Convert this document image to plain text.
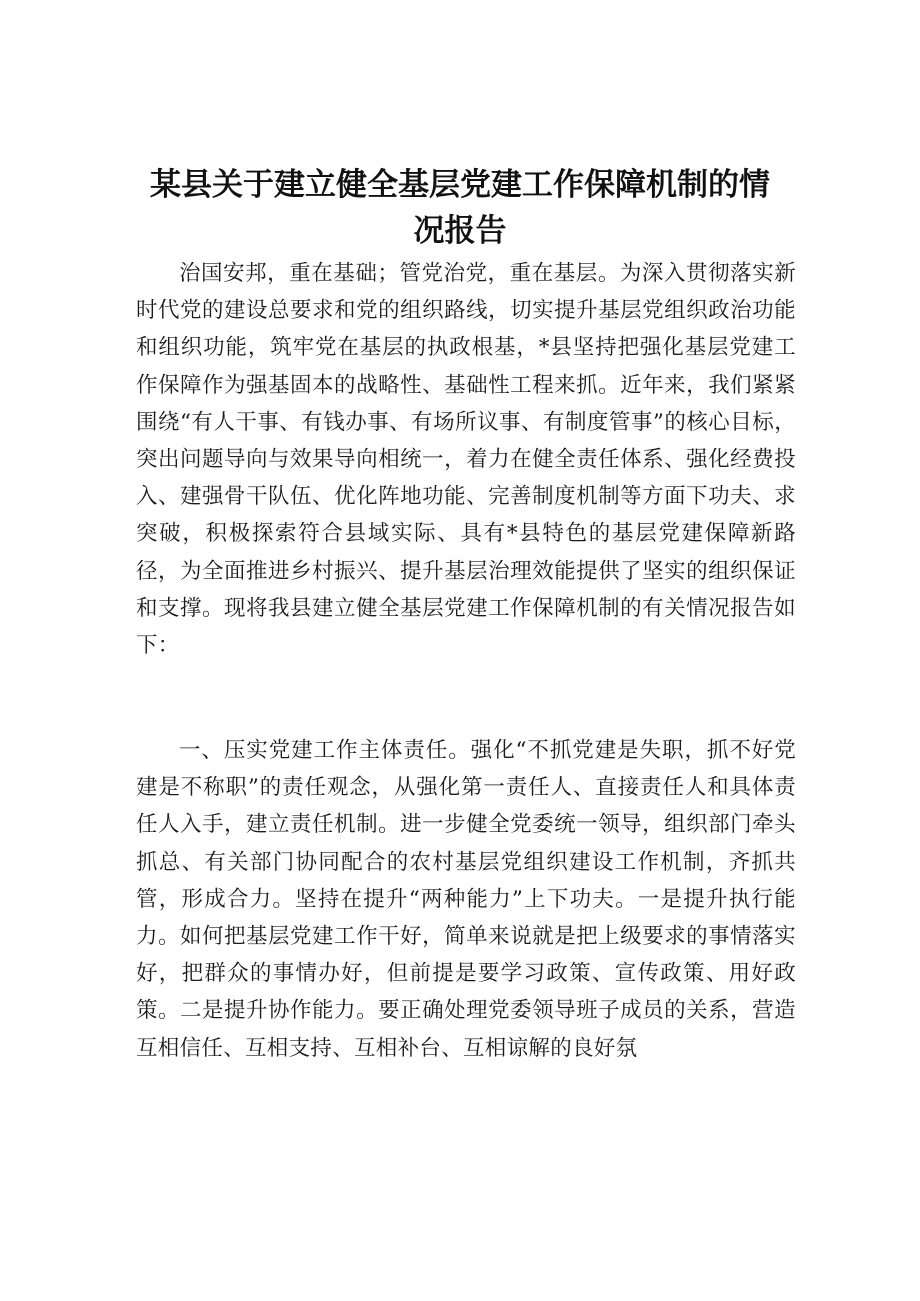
某县关于建立健全基层党建工作保障机制的情
况报告

治国安邦，重在基础；管党治党，重在基层。为深入贯彻落实新时代党的建设总要求和党的组织路线，切实提升基层党组织政治功能和组织功能，筑牢党在基层的执政根基，*县坚持把强化基层党建工作保障作为强基固本的战略性、基础性工程来抓。近年来，我们紧紧围绕“有人干事、有钱办事、有场所议事、有制度管事”的核心目标，突出问题导向与效果导向相统一，着力在健全责任体系、强化经费投入、建强骨干队伍、优化阵地功能、完善制度机制等方面下功夫、求突破，积极探索符合县域实际、具有*县特色的基层党建保障新路径，为全面推进乡村振兴、提升基层治理效能提供了坚实的组织保证和支撑。现将我县建立健全基层党建工作保障机制的有关情况报告如下：

一、压实党建工作主体责任。强化“不抓党建是失职，抓不好党建是不称职”的责任观念，从强化第一责任人、直接责任人和具体责任人入手，建立责任机制。进一步健全党委统一领导，组织部门牵头抓总、有关部门协同配合的农村基层党组织建设工作机制，齐抓共管，形成合力。坚持在提升“两种能力”上下功夫。一是提升执行能力。如何把基层党建工作干好，简单来说就是把上级要求的事情落实好，把群众的事情办好，但前提是要学习政策、宣传政策、用好政策。二是提升协作能力。要正确处理党委领导班子成员的关系，营造互相信任、互相支持、互相补台、互相谅解的良好氛
